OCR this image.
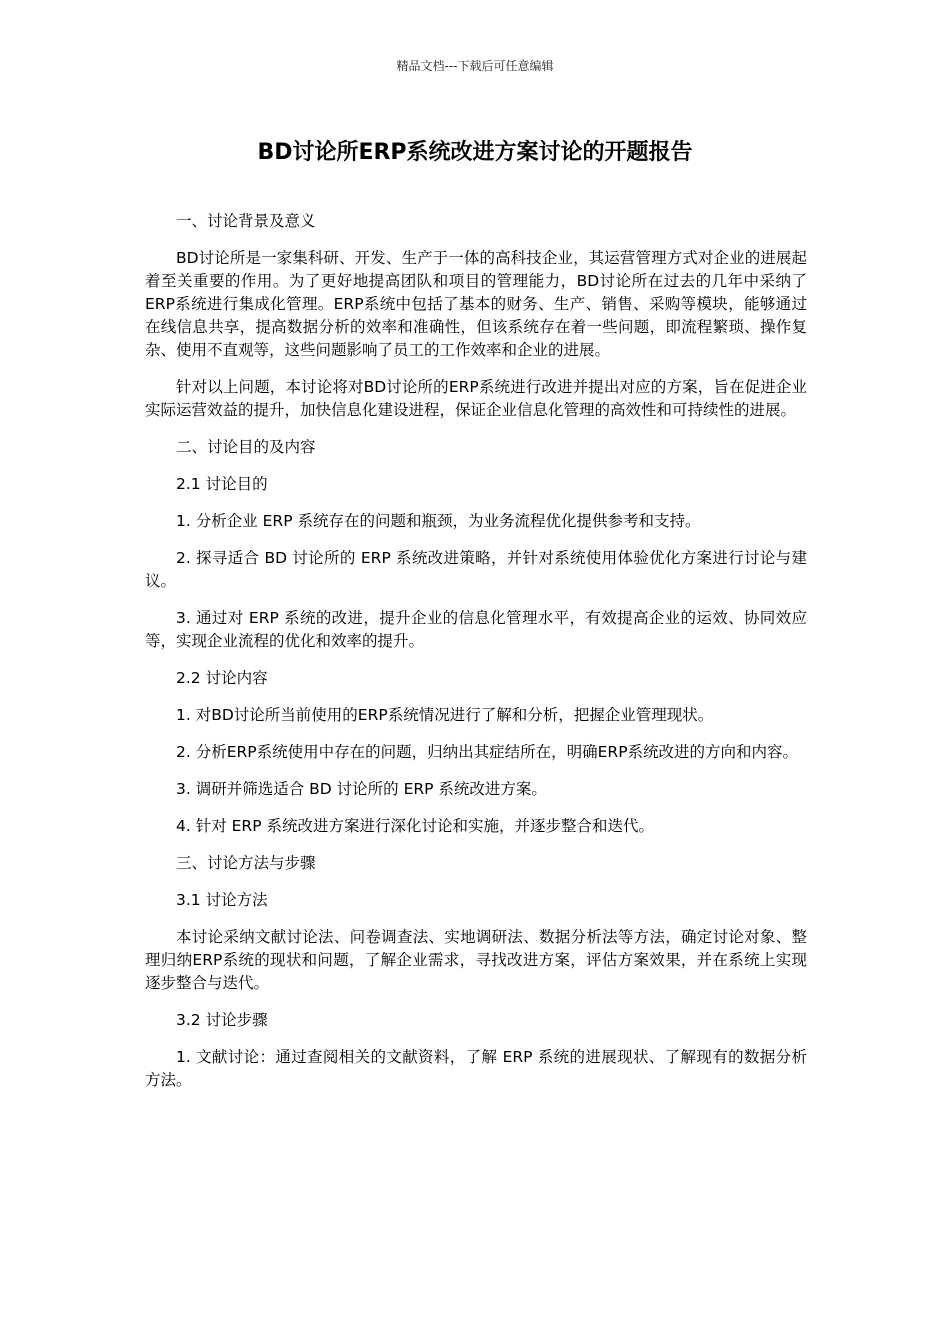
精品文档---下载后可任意编辑
BD讨论所ERP系统改进方案讨论的开题报告

一、讨论背景及意义

BD讨论所是一家集科研、开发、生产于一体的高科技企业，其运营管理方式对企业的进展起着至关重要的作用。为了更好地提高团队和项目的管理能力，BD讨论所在过去的几年中采纳了ERP系统进行集成化管理。ERP系统中包括了基本的财务、生产、销售、采购等模块，能够通过在线信息共享，提高数据分析的效率和准确性，但该系统存在着一些问题，即流程繁琐、操作复杂、使用不直观等，这些问题影响了员工的工作效率和企业的进展。

针对以上问题，本讨论将对BD讨论所的ERP系统进行改进并提出对应的方案，旨在促进企业实际运营效益的提升，加快信息化建设进程，保证企业信息化管理的高效性和可持续性的进展。

二、讨论目的及内容

2.1 讨论目的

1. 分析企业 ERP 系统存在的问题和瓶颈，为业务流程优化提供参考和支持。

2. 探寻适合 BD 讨论所的 ERP 系统改进策略，并针对系统使用体验优化方案进行讨论与建议。

3. 通过对 ERP 系统的改进，提升企业的信息化管理水平，有效提高企业的运效、协同效应等，实现企业流程的优化和效率的提升。

2.2 讨论内容

1. 对BD讨论所当前使用的ERP系统情况进行了解和分析，把握企业管理现状。

2. 分析ERP系统使用中存在的问题，归纳出其症结所在，明确ERP系统改进的方向和内容。

3. 调研并筛选适合 BD 讨论所的 ERP 系统改进方案。

4. 针对 ERP 系统改进方案进行深化讨论和实施，并逐步整合和迭代。

三、讨论方法与步骤

3.1 讨论方法

本讨论采纳文献讨论法、问卷调查法、实地调研法、数据分析法等方法，确定讨论对象、整理归纳ERP系统的现状和问题，了解企业需求，寻找改进方案，评估方案效果，并在系统上实现逐步整合与迭代。

3.2 讨论步骤

1. 文献讨论：通过查阅相关的文献资料，了解 ERP 系统的进展现状、了解现有的数据分析方法。
